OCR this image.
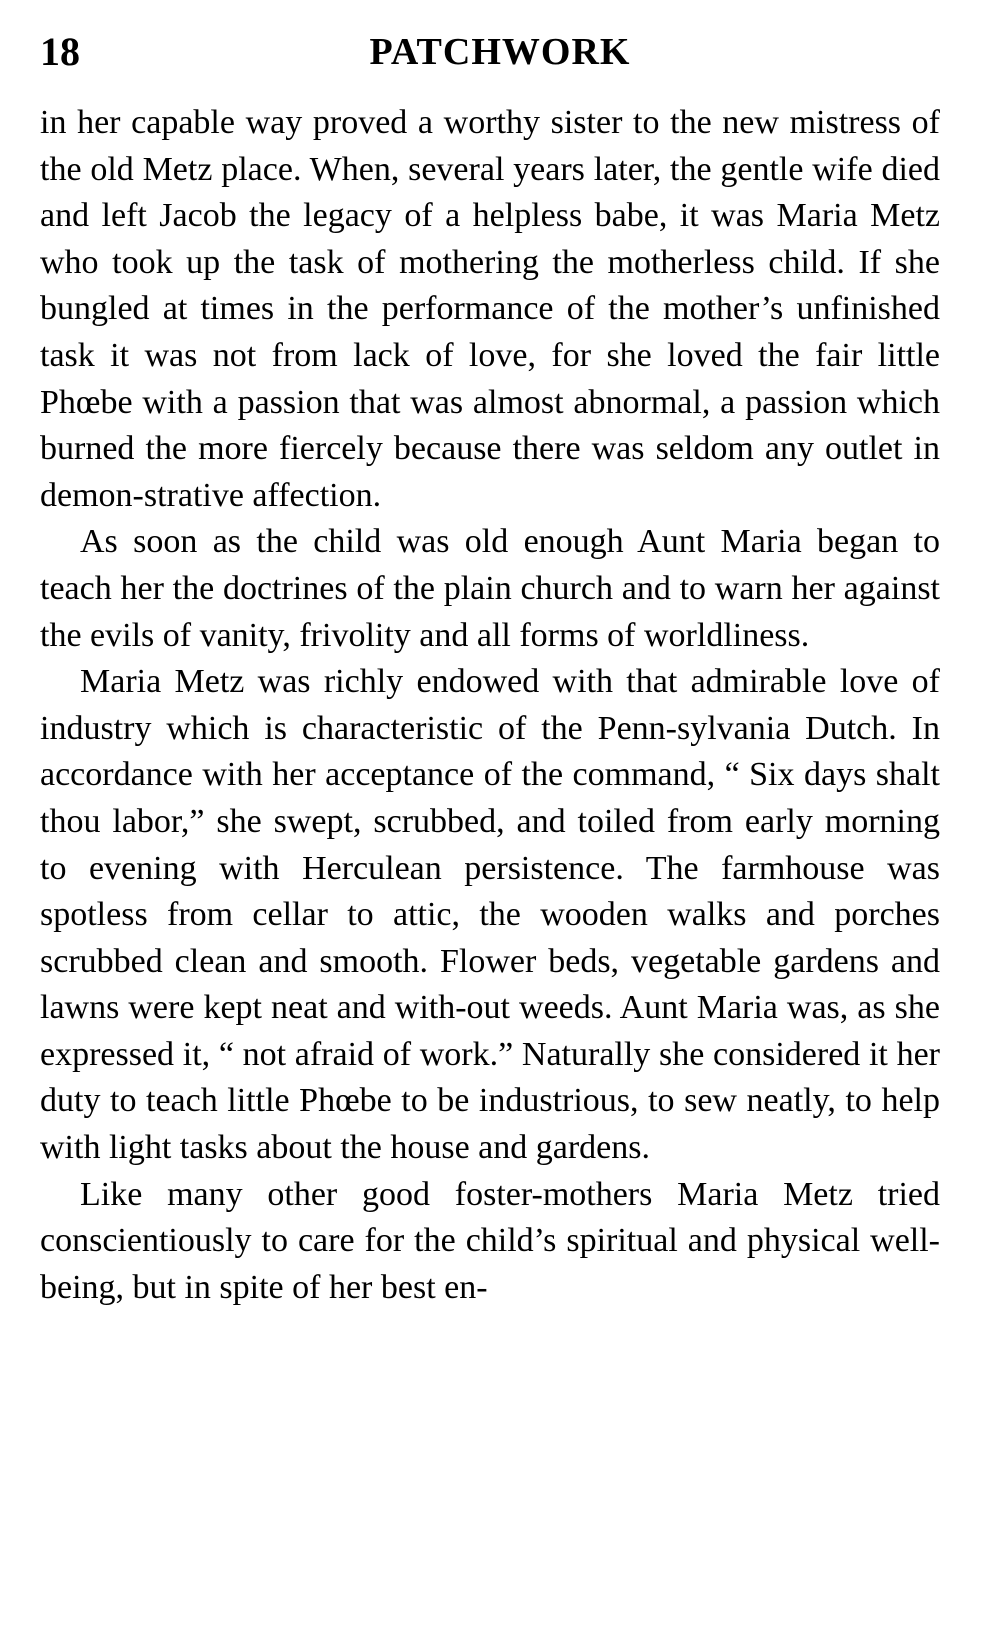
18	PATCHWORK

in her capable way proved a worthy sister to the new mistress of the old Metz place. When, several years later, the gentle wife died and left Jacob the legacy of a helpless babe, it was Maria Metz who took up the task of mothering the motherless child. If she bungled at times in the performance of the mother’s unfinished task it was not from lack of love, for she loved the fair little Phœbe with a passion that was almost abnormal, a passion which burned the more fiercely because there was seldom any outlet in demon-strative affection.

As soon as the child was old enough Aunt Maria began to teach her the doctrines of the plain church and to warn her against the evils of vanity, frivolity and all forms of worldliness.

Maria Metz was richly endowed with that admirable love of industry which is characteristic of the Penn-sylvania Dutch. In accordance with her acceptance of the command, “ Six days shalt thou labor,” she swept, scrubbed, and toiled from early morning to evening with Herculean persistence. The farmhouse was spotless from cellar to attic, the wooden walks and porches scrubbed clean and smooth. Flower beds, vegetable gardens and lawns were kept neat and with-out weeds. Aunt Maria was, as she expressed it, “ not afraid of work.” Naturally she considered it her duty to teach little Phœbe to be industrious, to sew neatly, to help with light tasks about the house and gardens.

Like many other good foster-mothers Maria Metz tried conscientiously to care for the child’s spiritual and physical well-being, but in spite of her best en-
